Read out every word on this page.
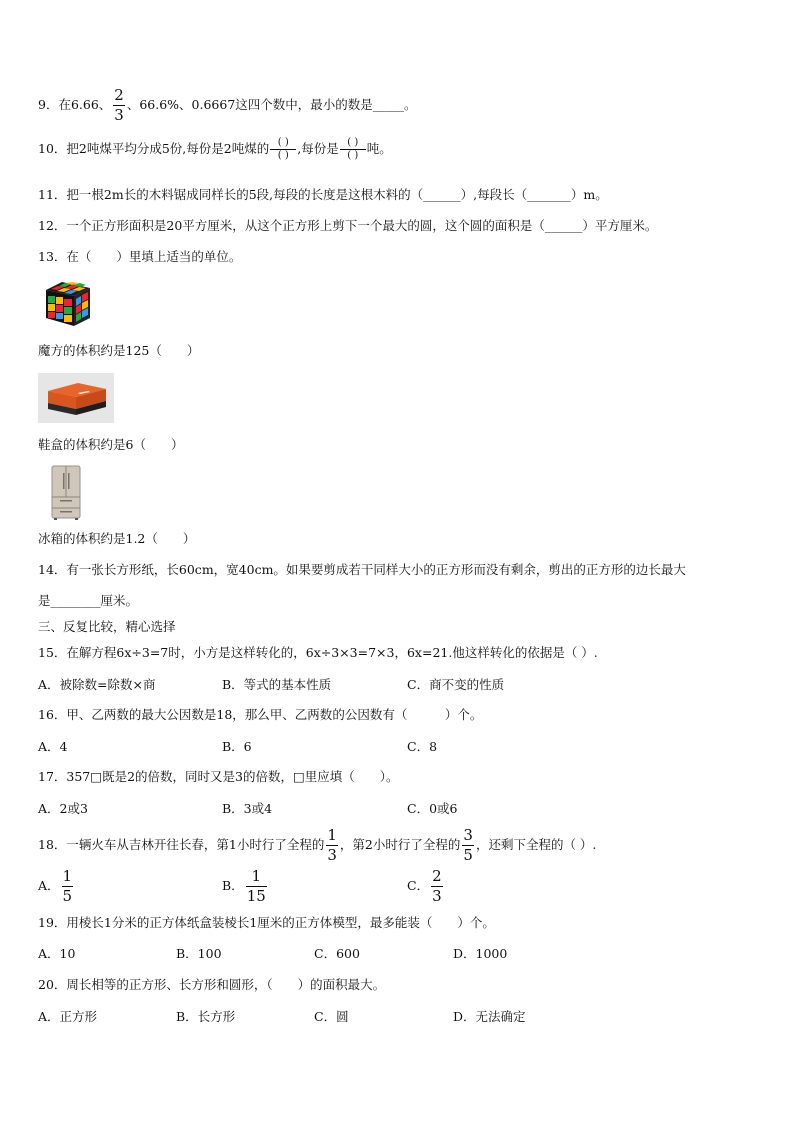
9．在6.66、 $\frac{2}{3}$ 、66.6%、0.6667这四个数中，最小的数是_____。
10．把2吨煤平均分成5份,每份是2吨煤的 $\frac{( )}{( )}$ ,每份是 $\frac{( )}{( )}$ 吨。
11．把一根2m长的木料锯成同样长的5段,每段的长度是这根木料的（______）,每段长（_______）m。
12．一个正方形面积是20平方厘米，从这个正方形上剪下一个最大的圆，这个圆的面积是（______）平方厘米。
13．在（　　）里填上适当的单位。
魔方的体积约是125（　　）
鞋盒的体积约是6（　　）
冰箱的体积约是1.2（　　）
14．有一张长方形纸，长60cm，宽40cm。如果要剪成若干同样大小的正方形而没有剩余，剪出的正方形的边长最大
是________厘米。
三、反复比较，精心选择
15．在解方程6x÷3=7时，小方是这样转化的，6x÷3×3=7×3，6x=21.他这样转化的依据是（ ）.
A．被除数=除数×商	B．等式的基本性质	C．商不变的性质
16．甲、乙两数的最大公因数是18，那么甲、乙两数的公因数有（　　　）个。
A．4	B．6	C．8
17．357□既是2的倍数，同时又是3的倍数，□里应填（　　）。
A．2或3	B．3或4	C．0或6
18．一辆火车从吉林开往长春，第1小时行了全程的 $\frac{1}{3}$ ，第2小时行了全程的 $\frac{3}{5}$ ，还剩下全程的（ ）.
A． $\frac{1}{5}$	B． $\frac{1}{15}$	C． $\frac{2}{3}$
19．用棱长1分米的正方体纸盒装棱长1厘米的正方体模型，最多能装（　　）个。
A．10	B．100	C．600	D．1000
20．周长相等的正方形、长方形和圆形，（　　）的面积最大。
A．正方形	B．长方形	C．圆	D．无法确定
